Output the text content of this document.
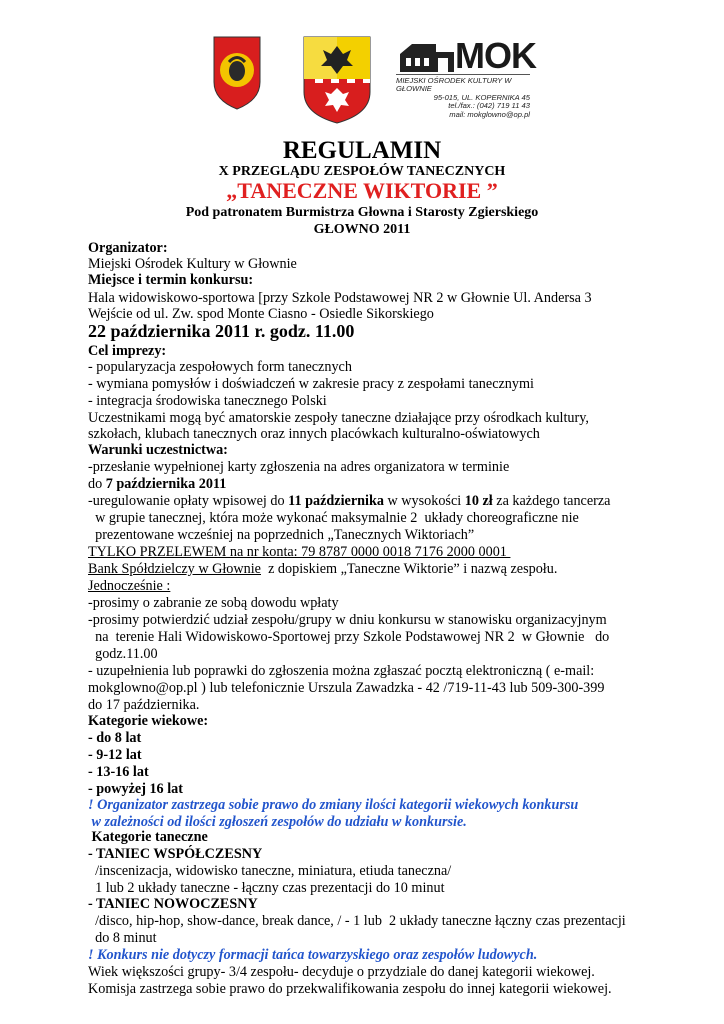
MOK
MIEJSKI OŚRODEK KULTURY W GŁOWNIE
95-015, UL. KOPERNIKA 45
tel./fax.: (042) 719 11 43
mail: mokglowno@op.pl
REGULAMIN
X PRZEGLĄDU ZESPOŁÓW TANECZNYCH
„TANECZNE WIKTORIE ”
Pod patronatem Burmistrza Głowna i Starosty Zgierskiego
GŁOWNO 2011
Organizator:
Miejski Ośrodek Kultury w Głownie
Miejsce i termin konkursu:
Hala widowiskowo-sportowa [przy Szkole Podstawowej NR 2 w Głownie Ul. Andersa 3
Wejście od ul. Zw. spod Monte Ciasno - Osiedle Sikorskiego
22 października 2011 r. godz. 11.00
Cel imprezy:
- popularyzacja zespołowych form tanecznych
- wymiana pomysłów i doświadczeń w zakresie pracy z zespołami tanecznymi
- integracja środowiska tanecznego Polski
Uczestnikami mogą być amatorskie zespoły taneczne działające przy ośrodkach kultury,
szkołach, klubach tanecznych oraz innych placówkach kulturalno-oświatowych
Warunki uczestnictwa:
-przesłanie wypełnionej karty zgłoszenia na adres organizatora w terminie
do 7 października 2011
-uregulowanie opłaty wpisowej do 11 października w wysokości 10 zł za każdego tancerza
w grupie tanecznej, która może wykonać maksymalnie 2  układy choreograficzne nie
prezentowane wcześniej na poprzednich „Tanecznych Wiktoriach”
TYLKO PRZELEWEM na nr konta: 79 8787 0000 0018 7176 2000 0001
Bank Spółdzielczy w Głownie  z dopiskiem „Taneczne Wiktorie” i nazwą zespołu.
Jednocześnie :
-prosimy o zabranie ze sobą dowodu wpłaty
-prosimy potwierdzić udział zespołu/grupy w dniu konkursu w stanowisku organizacyjnym
na  terenie Hali Widowiskowo-Sportowej przy Szkole Podstawowej NR 2  w Głownie   do
godz.11.00
- uzupełnienia lub poprawki do zgłoszenia można zgłaszać pocztą elektroniczną ( e-mail:
mokglowno@op.pl ) lub telefonicznie Urszula Zawadzka - 42 /719-11-43 lub 509-300-399
do 17 października.
Kategorie wiekowe:
- do 8 lat
- 9-12 lat
- 13-16 lat
- powyżej 16 lat
! Organizator zastrzega sobie prawo do zmiany ilości kategorii wiekowych konkursu
w zależności od ilości zgłoszeń zespołów do udziału w konkursie.
Kategorie taneczne
- TANIEC WSPÓŁCZESNY
/inscenizacja, widowisko taneczne, miniatura, etiuda taneczna/
1 lub 2 układy taneczne - łączny czas prezentacji do 10 minut
- TANIEC NOWOCZESNY
/disco, hip-hop, show-dance, break dance, / - 1 lub  2 układy taneczne łączny czas prezentacji
do 8 minut
! Konkurs nie dotyczy formacji tańca towarzyskiego oraz zespołów ludowych.
Wiek większości grupy- 3/4 zespołu- decyduje o przydziale do danej kategorii wiekowej.
Komisja zastrzega sobie prawo do przekwalifikowania zespołu do innej kategorii wiekowej.
